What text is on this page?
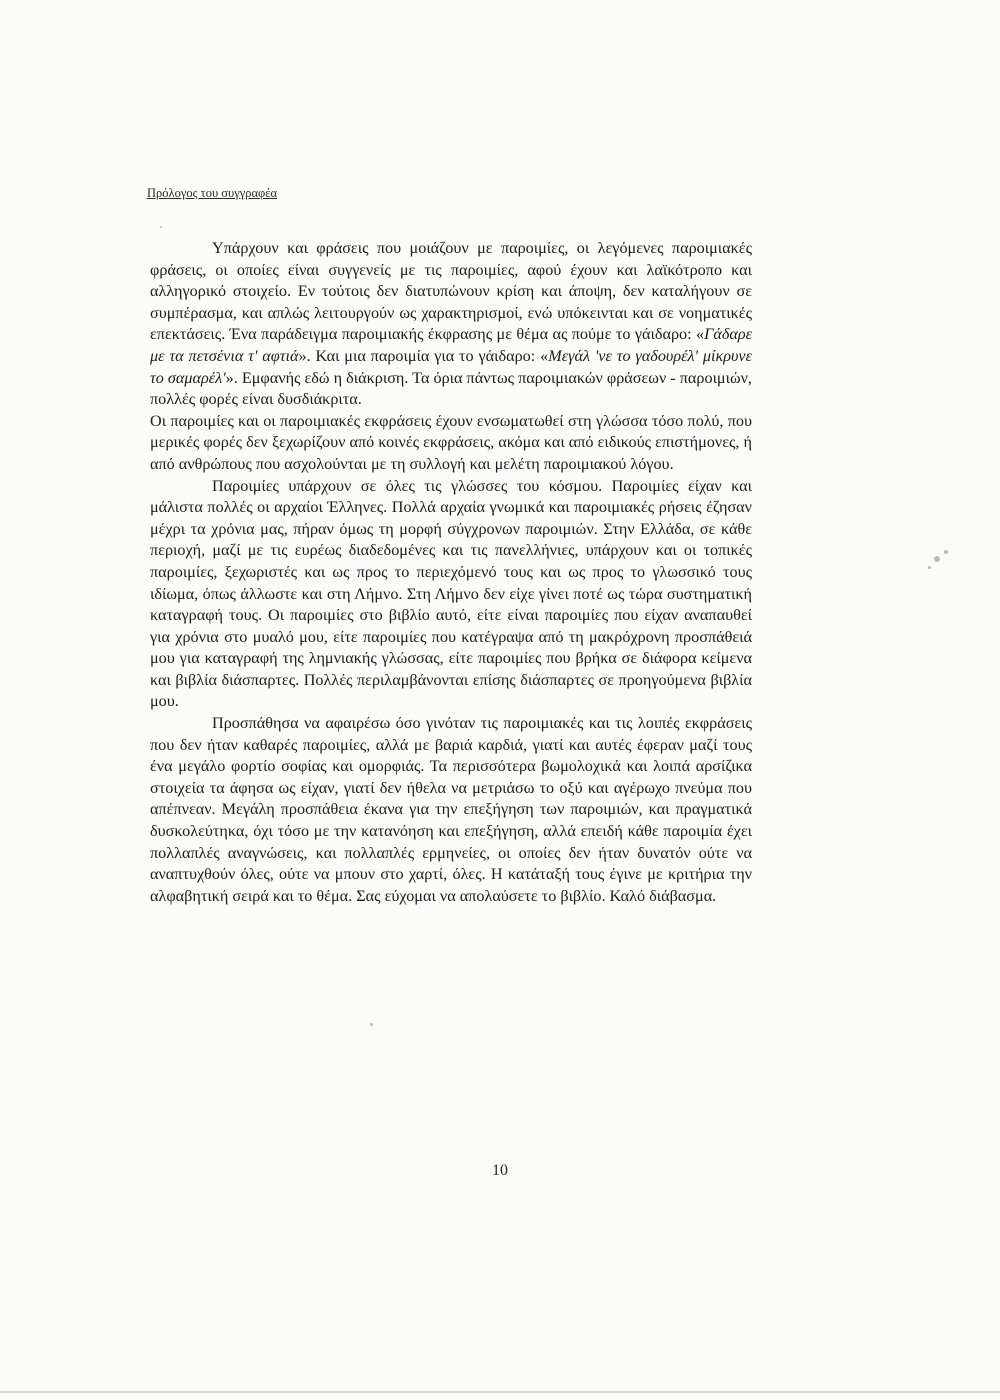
Πρόλογος του συγγραφέα

Υπάρχουν και φράσεις που μοιάζουν με παροιμίες, οι λεγόμενες παροιμιακές φράσεις, οι οποίες είναι συγγενείς με τις παροιμίες, αφού έχουν και λαϊκότροπο και αλληγορικό στοιχείο. Εν τούτοις δεν διατυπώνουν κρίση και άποψη, δεν καταλήγουν σε συμπέρασμα, και απλώς λειτουργούν ως χαρακτηρισμοί, ενώ υπόκεινται και σε νοηματικές επεκτάσεις. Ένα παράδειγμα παροιμιακής έκφρασης με θέμα ας πούμε το γάιδαρο: «Γάδαρε με τα πετσένια τ' αφτιά». Και μια παροιμία για το γάιδαρο: «Μεγάλ 'νε το γαδουρέλ' μίκρυνε το σαμαρέλ'». Εμφανής εδώ η διάκριση. Τα όρια πάντως παροιμιακών φράσεων - παροιμιών, πολλές φορές είναι δυσδιάκριτα.

Οι παροιμίες και οι παροιμιακές εκφράσεις έχουν ενσωματωθεί στη γλώσσα τόσο πολύ, που μερικές φορές δεν ξεχωρίζουν από κοινές εκφράσεις, ακόμα και από ειδικούς επιστήμονες, ή από ανθρώπους που ασχολούνται με τη συλλογή και μελέτη παροιμιακού λόγου.

Παροιμίες υπάρχουν σε όλες τις γλώσσες του κόσμου. Παροιμίες είχαν και μάλιστα πολλές οι αρχαίοι Έλληνες. Πολλά αρχαία γνωμικά και παροιμιακές ρήσεις έζησαν μέχρι τα χρόνια μας, πήραν όμως τη μορφή σύγχρονων παροιμιών. Στην Ελλάδα, σε κάθε περιοχή, μαζί με τις ευρέως διαδεδομένες και τις πανελλήνιες, υπάρχουν και οι τοπικές παροιμίες, ξεχωριστές και ως προς το περιεχόμενό τους και ως προς το γλωσσικό τους ιδίωμα, όπως άλλωστε και στη Λήμνο. Στη Λήμνο δεν είχε γίνει ποτέ ως τώρα συστηματική καταγραφή τους. Οι παροιμίες στο βιβλίο αυτό, είτε είναι παροιμίες που είχαν αναπαυθεί για χρόνια στο μυαλό μου, είτε παροιμίες που κατέγραψα από τη μακρόχρονη προσπάθειά μου για καταγραφή της λημνιακής γλώσσας, είτε παροιμίες που βρήκα σε διάφορα κείμενα και βιβλία διάσπαρτες. Πολλές περιλαμβάνονται επίσης διάσπαρτες σε προηγούμενα βιβλία μου.

Προσπάθησα να αφαιρέσω όσο γινόταν τις παροιμιακές και τις λοιπές εκφράσεις που δεν ήταν καθαρές παροιμίες, αλλά με βαριά καρδιά, γιατί και αυτές έφεραν μαζί τους ένα μεγάλο φορτίο σοφίας και ομορφιάς. Τα περισσότερα βωμολοχικά και λοιπά αρσίζικα στοιχεία τα άφησα ως είχαν, γιατί δεν ήθελα να μετριάσω το οξύ και αγέρωχο πνεύμα που απέπνεαν. Μεγάλη προσπάθεια έκανα για την επεξήγηση των παροιμιών, και πραγματικά δυσκολεύτηκα, όχι τόσο με την κατανόηση και επεξήγηση, αλλά επειδή κάθε παροιμία έχει πολλαπλές αναγνώσεις, και πολλαπλές ερμηνείες, οι οποίες δεν ήταν δυνατόν ούτε να αναπτυχθούν όλες, ούτε να μπουν στο χαρτί, όλες. Η κατάταξή τους έγινε με κριτήρια την αλφαβητική σειρά και το θέμα. Σας εύχομαι να απολαύσετε το βιβλίο. Καλό διάβασμα.

10
